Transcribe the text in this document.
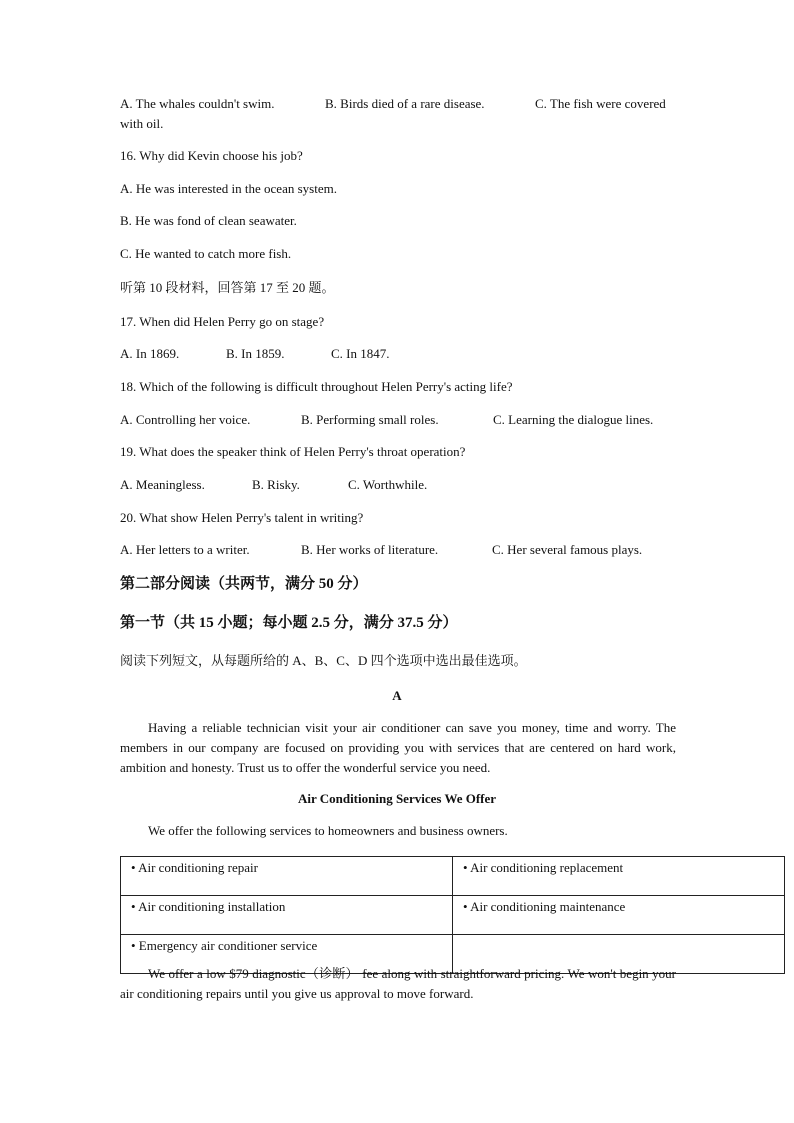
A. The whales couldn't swim.	B. Birds died of a rare disease.	C. The fish were covered
with oil.
16. Why did Kevin choose his job?
A. He was interested in the ocean system.
B. He was fond of clean seawater.
C. He wanted to catch more fish.
听第 10 段材料，回答第 17 至 20 题。
17. When did Helen Perry go on stage?
A. In 1869.	B. In 1859.	C. In 1847.
18. Which of the following is difficult throughout Helen Perry's acting life?
A. Controlling her voice.	B. Performing small roles.	C. Learning the dialogue lines.
19. What does the speaker think of Helen Perry's throat operation?
A. Meaningless.	B. Risky.	C. Worthwhile.
20. What show Helen Perry's talent in writing?
A. Her letters to a writer.	B. Her works of literature.	C. Her several famous plays.
第二部分阅读（共两节，满分 50 分）
第一节（共 15 小题；每小题 2.5 分，满分 37.5 分）
阅读下列短文，从每题所给的 A、B、C、D 四个选项中选出最佳选项。
A
Having a reliable technician visit your air conditioner can save you money, time and worry. The members in our company are focused on providing you with services that are centered on hard work, ambition and honesty. Trust us to offer the wonderful service you need.
Air Conditioning Services We Offer
We offer the following services to homeowners and business owners.
• Air conditioning repair	• Air conditioning replacement
• Air conditioning installation	• Air conditioning maintenance
• Emergency air conditioner service	
We offer a low $79 diagnostic（诊断） fee along with straightforward pricing. We won't begin your air conditioning repairs until you give us approval to move forward.
